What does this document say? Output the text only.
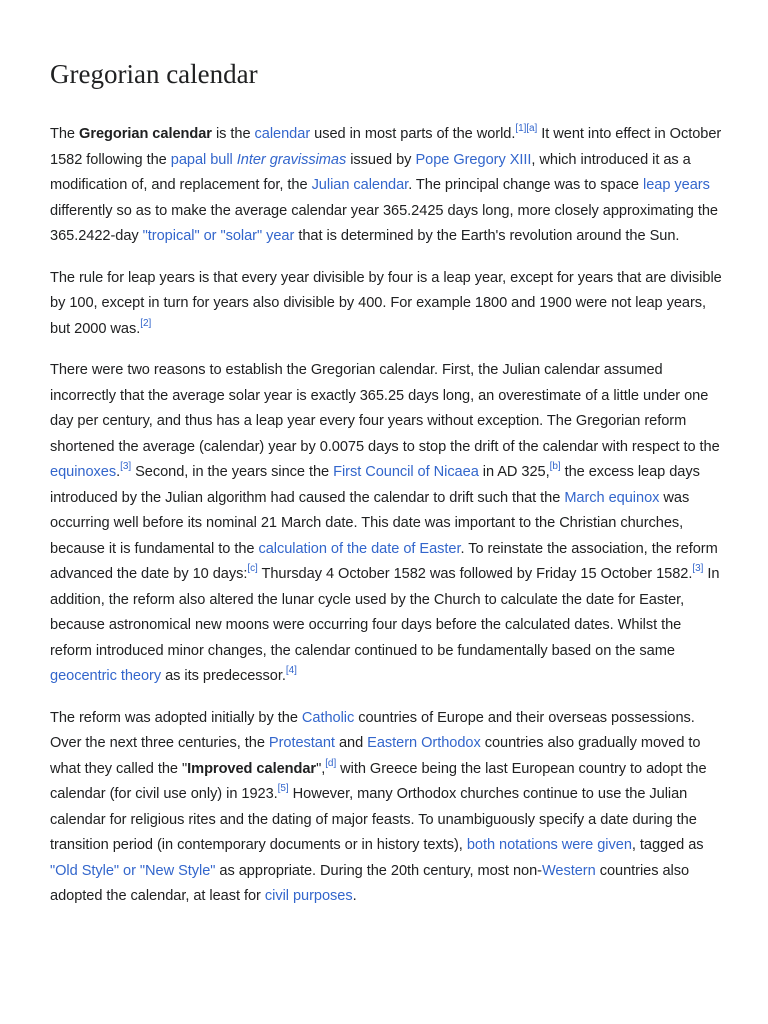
Gregorian calendar

The Gregorian calendar is the calendar used in most parts of the world.[1][a] It went into effect in October 1582 following the papal bull Inter gravissimas issued by Pope Gregory XIII, which introduced it as a modification of, and replacement for, the Julian calendar. The principal change was to space leap years differently so as to make the average calendar year 365.2425 days long, more closely approximating the 365.2422-day "tropical" or "solar" year that is determined by the Earth's revolution around the Sun.

The rule for leap years is that every year divisible by four is a leap year, except for years that are divisible by 100, except in turn for years also divisible by 400. For example 1800 and 1900 were not leap years, but 2000 was.[2]

There were two reasons to establish the Gregorian calendar. First, the Julian calendar assumed incorrectly that the average solar year is exactly 365.25 days long, an overestimate of a little under one day per century, and thus has a leap year every four years without exception. The Gregorian reform shortened the average (calendar) year by 0.0075 days to stop the drift of the calendar with respect to the equinoxes.[3] Second, in the years since the First Council of Nicaea in AD 325,[b] the excess leap days introduced by the Julian algorithm had caused the calendar to drift such that the March equinox was occurring well before its nominal 21 March date. This date was important to the Christian churches, because it is fundamental to the calculation of the date of Easter. To reinstate the association, the reform advanced the date by 10 days:[c] Thursday 4 October 1582 was followed by Friday 15 October 1582.[3] In addition, the reform also altered the lunar cycle used by the Church to calculate the date for Easter, because astronomical new moons were occurring four days before the calculated dates. Whilst the reform introduced minor changes, the calendar continued to be fundamentally based on the same geocentric theory as its predecessor.[4]

The reform was adopted initially by the Catholic countries of Europe and their overseas possessions. Over the next three centuries, the Protestant and Eastern Orthodox countries also gradually moved to what they called the "Improved calendar",[d] with Greece being the last European country to adopt the calendar (for civil use only) in 1923.[5] However, many Orthodox churches continue to use the Julian calendar for religious rites and the dating of major feasts. To unambiguously specify a date during the transition period (in contemporary documents or in history texts), both notations were given, tagged as "Old Style" or "New Style" as appropriate. During the 20th century, most non-Western countries also adopted the calendar, at least for civil purposes.
